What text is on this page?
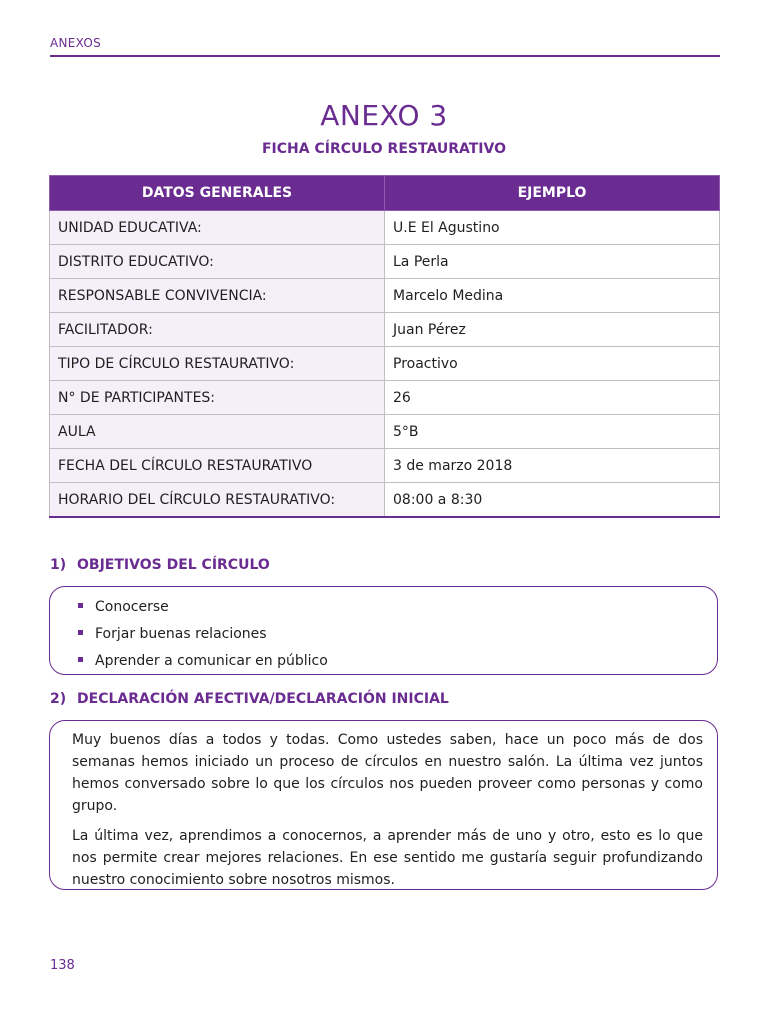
ANEXOS
ANEXO 3
FICHA CÍRCULO RESTAURATIVO
DATOS GENERALES	EJEMPLO
UNIDAD EDUCATIVA:	U.E El Agustino
DISTRITO EDUCATIVO:	La Perla
RESPONSABLE CONVIVENCIA:	Marcelo Medina
FACILITADOR:	Juan Pérez
TIPO DE CÍRCULO RESTAURATIVO:	Proactivo
N° DE PARTICIPANTES:	26
AULA	5°B
FECHA DEL CÍRCULO RESTAURATIVO	3 de marzo 2018
HORARIO DEL CÍRCULO RESTAURATIVO:	08:00 a 8:30
1) OBJETIVOS DEL CÍRCULO
Conocerse
Forjar buenas relaciones
Aprender a comunicar en público
2) DECLARACIÓN AFECTIVA/DECLARACIÓN INICIAL

Muy buenos días a todos y todas. Como ustedes saben, hace un poco más de dos semanas hemos iniciado un proceso de círculos en nuestro salón. La última vez juntos hemos conversado sobre lo que los círculos nos pueden proveer como personas y como grupo.

La última vez, aprendimos a conocernos, a aprender más de uno y otro, esto es lo que nos permite crear mejores relaciones. En ese sentido me gustaría seguir profundizando nuestro conocimiento sobre nosotros mismos.

138
